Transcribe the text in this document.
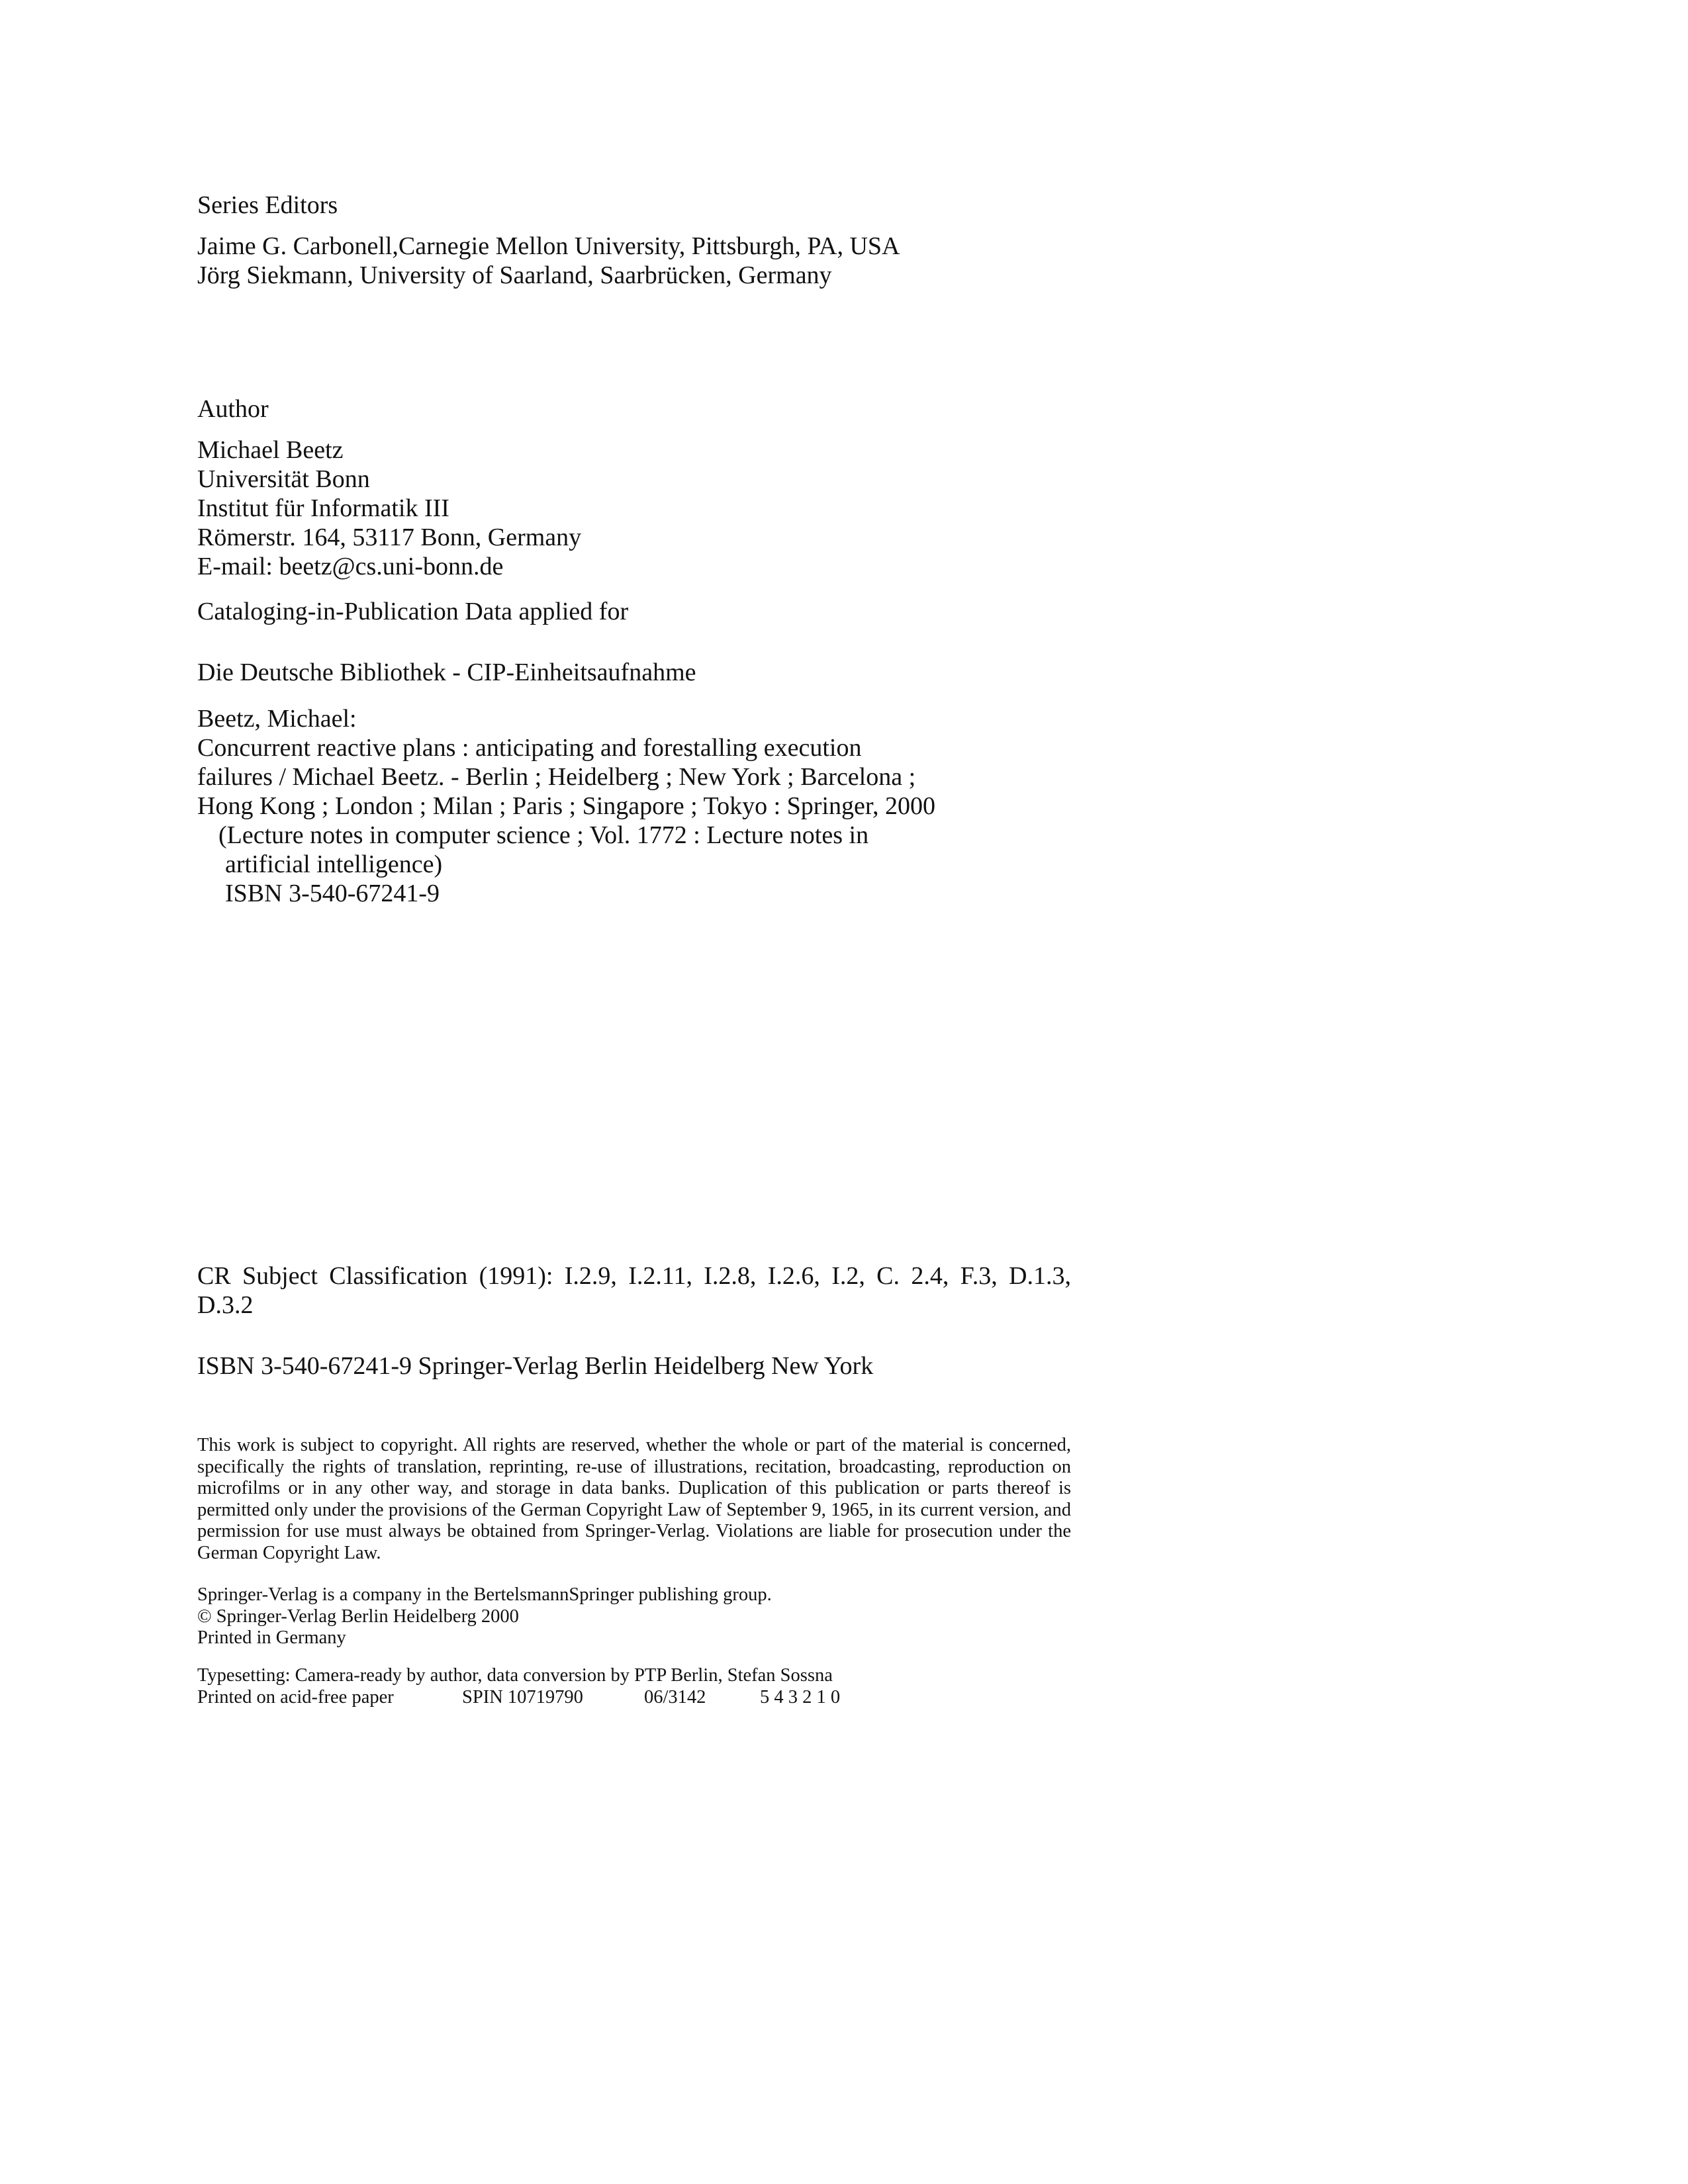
Series Editors
Jaime G. Carbonell,Carnegie Mellon University, Pittsburgh, PA, USA
Jörg Siekmann, University of Saarland, Saarbrücken, Germany
Author
Michael Beetz
Universität Bonn
Institut für Informatik III
Römerstr. 164, 53117 Bonn, Germany
E-mail: beetz@cs.uni-bonn.de
Cataloging-in-Publication Data applied for
Die Deutsche Bibliothek - CIP-Einheitsaufnahme
Beetz, Michael:
Concurrent reactive plans : anticipating and forestalling execution
failures / Michael Beetz. - Berlin ; Heidelberg ; New York ; Barcelona ;
Hong Kong ; London ; Milan ; Paris ; Singapore ; Tokyo : Springer, 2000
(Lecture notes in computer science ; Vol. 1772 : Lecture notes in
artificial intelligence)
ISBN 3-540-67241-9

CR Subject Classification (1991): I.2.9, I.2.11, I.2.8, I.2.6, I.2, C. 2.4, F.3, D.1.3, D.3.2

ISBN 3-540-67241-9 Springer-Verlag Berlin Heidelberg New York

This work is subject to copyright. All rights are reserved, whether the whole or part of the material is concerned, specifically the rights of translation, reprinting, re-use of illustrations, recitation, broadcasting, reproduction on microfilms or in any other way, and storage in data banks. Duplication of this publication or parts thereof is permitted only under the provisions of the German Copyright Law of September 9, 1965, in its current version, and permission for use must always be obtained from Springer-Verlag. Violations are liable for prosecution under the German Copyright Law.

Springer-Verlag is a company in the BertelsmannSpringer publishing group.
© Springer-Verlag Berlin Heidelberg 2000
Printed in Germany
Typesetting: Camera-ready by author, data conversion by PTP Berlin, Stefan Sossna
Printed on acid-free paper	SPIN 10719790	06/3142	5 4 3 2 1 0
